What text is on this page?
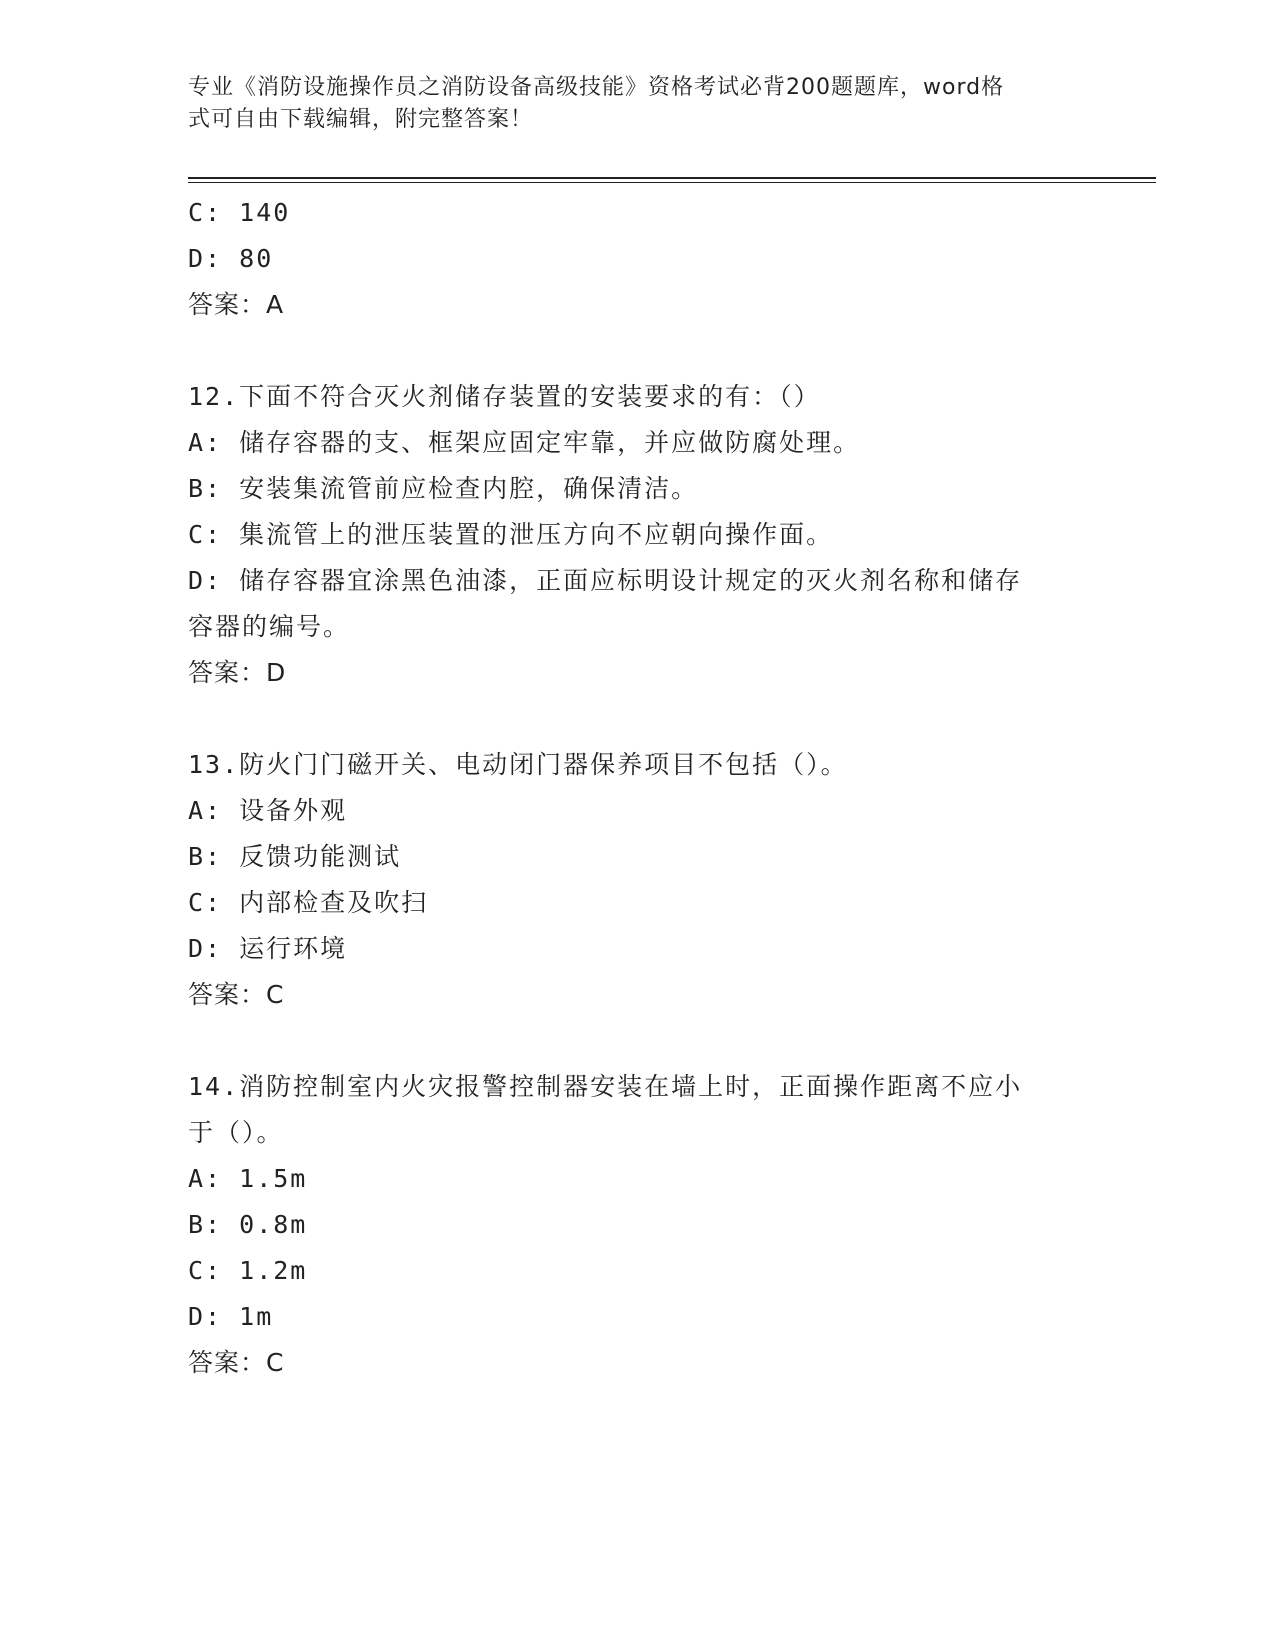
专业《消防设施操作员之消防设备高级技能》资格考试必背200题题库，word格
式可自由下载编辑，附完整答案！
C: 140
D: 80
答案：A
12.下面不符合灭火剂储存装置的安装要求的有：（）
A: 储存容器的支、框架应固定牢靠，并应做防腐处理。
B: 安装集流管前应检查内腔，确保清洁。
C: 集流管上的泄压装置的泄压方向不应朝向操作面。
D: 储存容器宜涂黑色油漆，正面应标明设计规定的灭火剂名称和储存
容器的编号。
答案：D
13.防火门门磁开关、电动闭门器保养项目不包括（）。
A: 设备外观
B: 反馈功能测试
C: 内部检查及吹扫
D: 运行环境
答案：C
14.消防控制室内火灾报警控制器安装在墙上时，正面操作距离不应小
于（）。
A: 1.5m
B: 0.8m
C: 1.2m
D: 1m
答案：C
